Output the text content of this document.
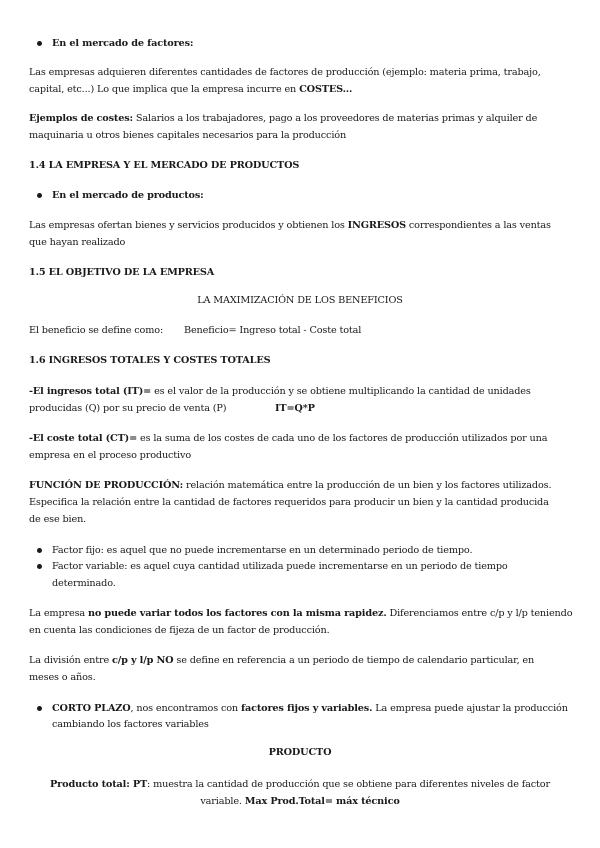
En el mercado de factores:
Las empresas adquieren diferentes cantidades de factores de producción (ejemplo: materia prima, trabajo,
capital, etc...) Lo que implica que la empresa incurre en COSTES...
Ejemplos de costes: Salarios a los trabajadores, pago a los proveedores de materias primas y alquiler de
maquinaria u otros bienes capitales necesarios para la producción
1.4 LA EMPRESA Y EL MERCADO DE PRODUCTOS
En el mercado de productos:
Las empresas ofertan bienes y servicios producidos y obtienen los INGRESOS correspondientes a las ventas
que hayan realizado
1.5 EL OBJETIVO DE LA EMPRESA
LA MAXIMIZACIÓN DE LOS BENEFICIOS
El beneficio se define como:	Beneficio= Ingreso total - Coste total
1.6 INGRESOS TOTALES Y COSTES TOTALES
-El ingresos total (IT)= es el valor de la producción y se obtiene multiplicando la cantidad de unidades
producidas (Q) por su precio de venta (P)	IT=Q*P
-El coste total (CT)= es la suma de los costes de cada uno de los factores de producción utilizados por una
empresa en el proceso productivo
FUNCIÓN DE PRODUCCIÓN: relación matemática entre la producción de un bien y los factores utilizados.
Especifica la relación entre la cantidad de factores requeridos para producir un bien y la cantidad producida
de ese bien.
Factor fijo: es aquel que no puede incrementarse en un determinado periodo de tiempo.
Factor variable: es aquel cuya cantidad utilizada puede incrementarse en un periodo de tiempo
determinado.
La empresa no puede variar todos los factores con la misma rapidez. Diferenciamos entre c/p y l/p teniendo
en cuenta las condiciones de fijeza de un factor de producción.
La división entre c/p y l/p NO se define en referencia a un periodo de tiempo de calendario particular, en
meses o años.
CORTO PLAZO, nos encontramos con factores fijos y variables. La empresa puede ajustar la producción
cambiando los factores variables
PRODUCTO
Producto total: PT: muestra la cantidad de producción que se obtiene para diferentes niveles de factor
variable. Max Prod.Total= máx técnico
